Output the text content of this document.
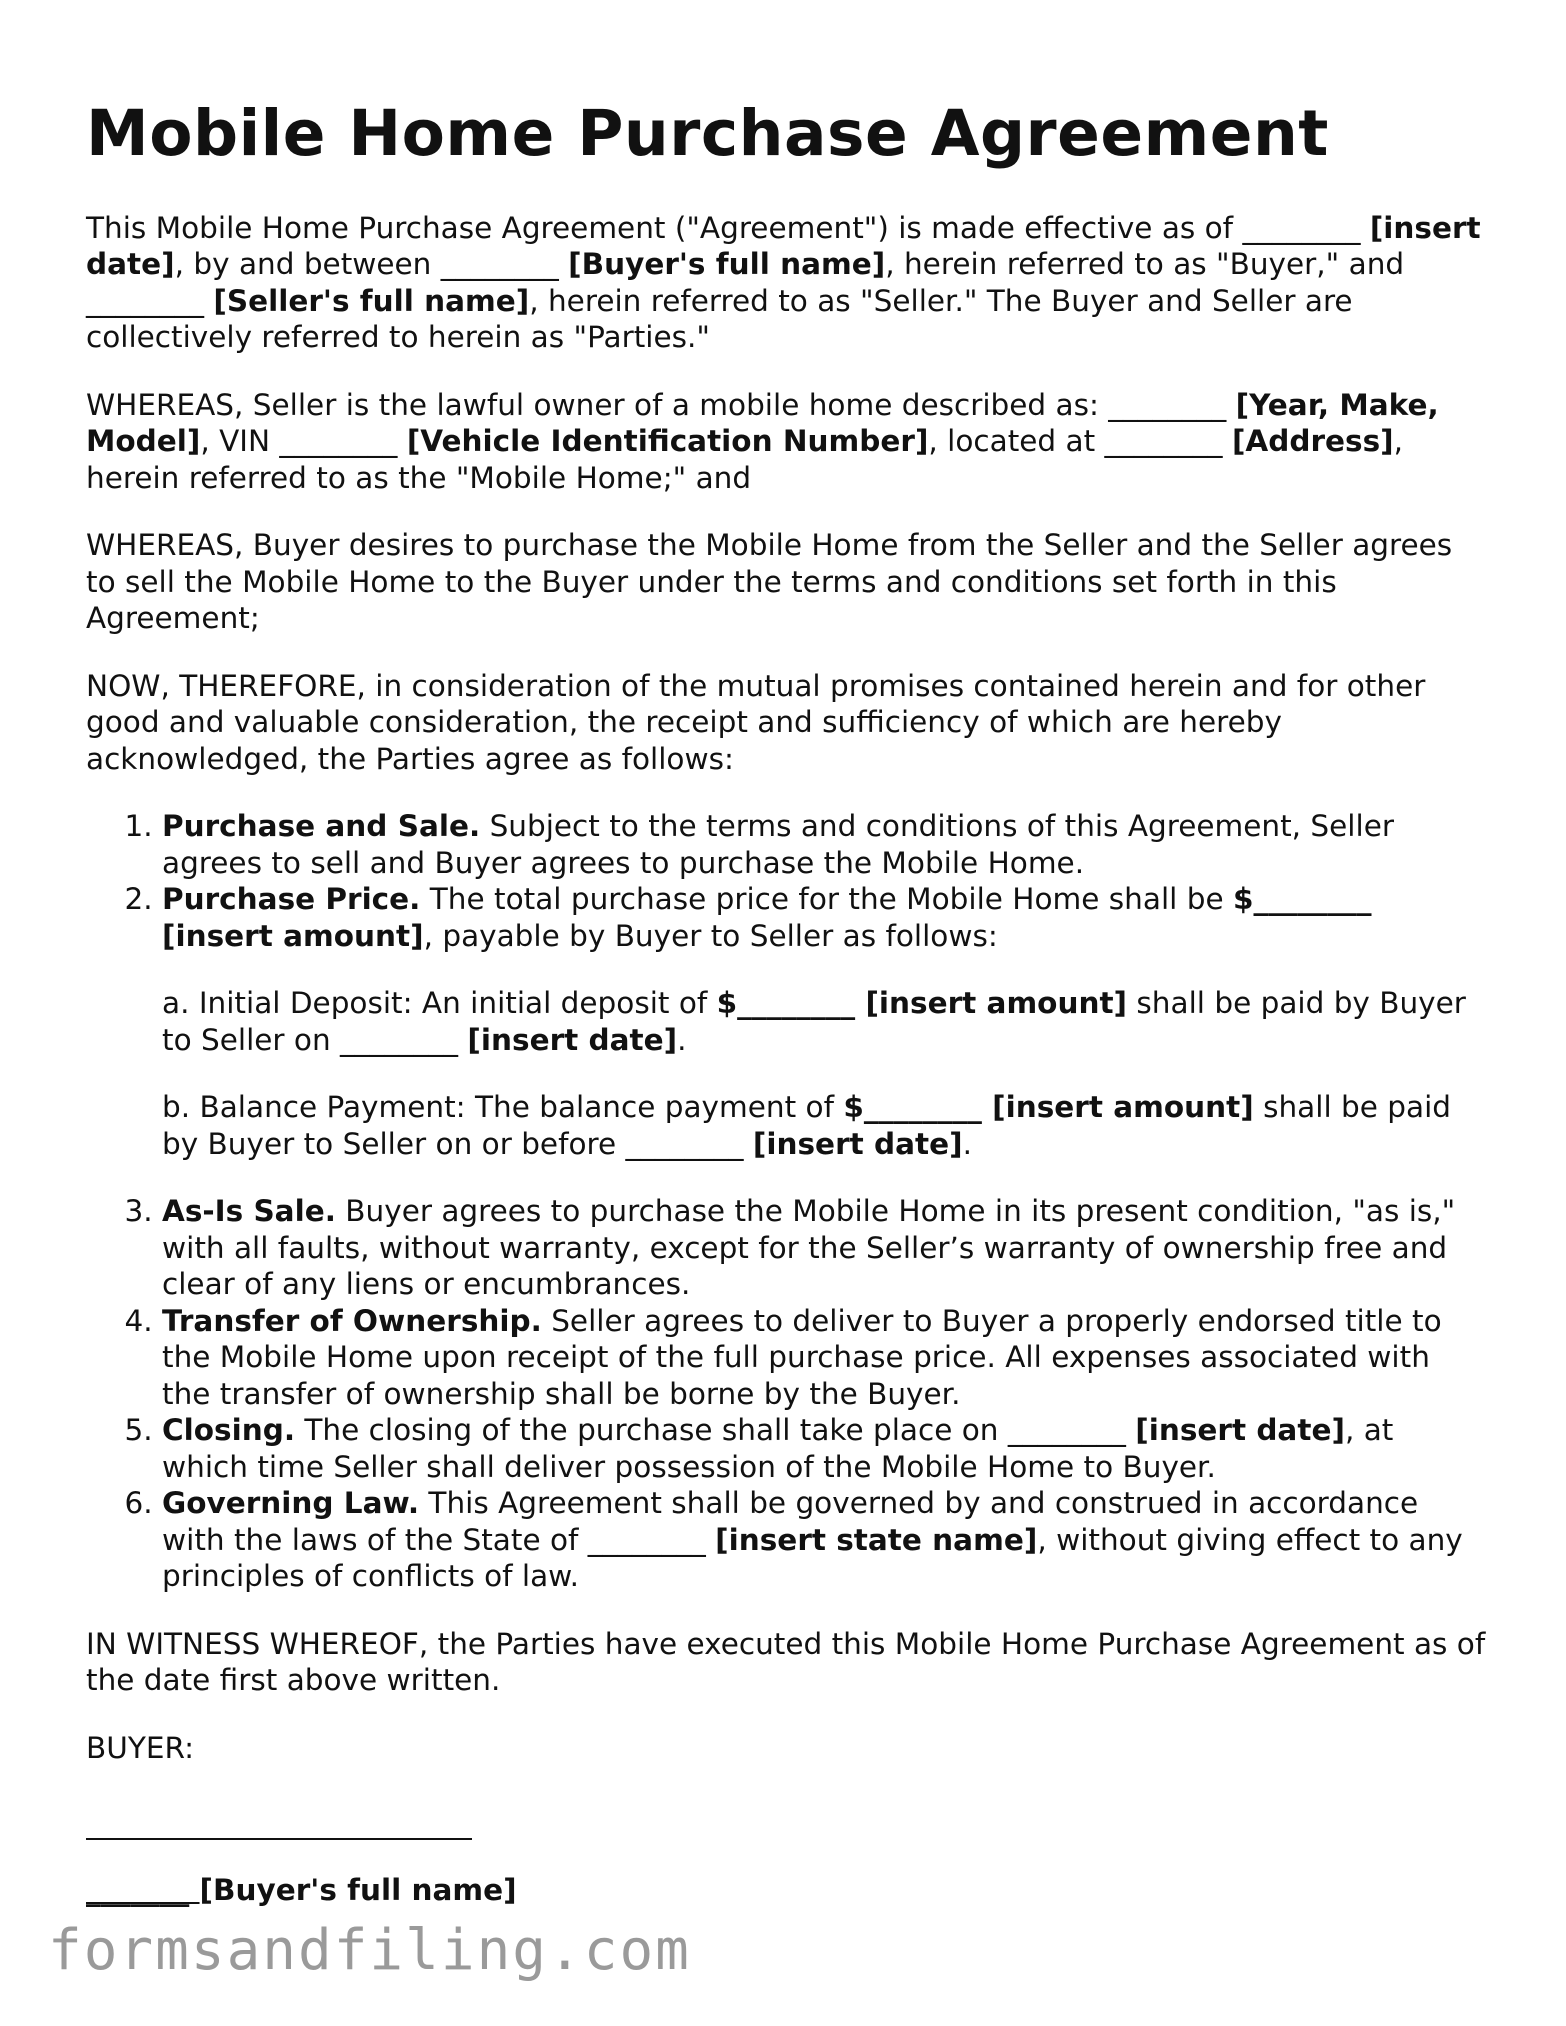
Mobile Home Purchase Agreement

This Mobile Home Purchase Agreement ("Agreement") is made effective as of ________ [insert date], by and between ________ [Buyer's full name], herein referred to as "Buyer," and ________ [Seller's full name], herein referred to as "Seller." The Buyer and Seller are collectively referred to herein as "Parties."

WHEREAS, Seller is the lawful owner of a mobile home described as: ________ [Year, Make, Model], VIN ________ [Vehicle Identification Number], located at ________ [Address], herein referred to as the "Mobile Home;" and

WHEREAS, Buyer desires to purchase the Mobile Home from the Seller and the Seller agrees to sell the Mobile Home to the Buyer under the terms and conditions set forth in this Agreement;

NOW, THEREFORE, in consideration of the mutual promises contained herein and for other good and valuable consideration, the receipt and sufficiency of which are hereby acknowledged, the Parties agree as follows:

1. Purchase and Sale. Subject to the terms and conditions of this Agreement, Seller agrees to sell and Buyer agrees to purchase the Mobile Home.
2. Purchase Price. The total purchase price for the Mobile Home shall be $________ [insert amount], payable by Buyer to Seller as follows:
a. Initial Deposit: An initial deposit of $________ [insert amount] shall be paid by Buyer to Seller on ________ [insert date].
b. Balance Payment: The balance payment of $________ [insert amount] shall be paid by Buyer to Seller on or before ________ [insert date].
3. As-Is Sale. Buyer agrees to purchase the Mobile Home in its present condition, "as is," with all faults, without warranty, except for the Seller’s warranty of ownership free and clear of any liens or encumbrances.
4. Transfer of Ownership. Seller agrees to deliver to Buyer a properly endorsed title to the Mobile Home upon receipt of the full purchase price. All expenses associated with the transfer of ownership shall be borne by the Buyer.
5. Closing. The closing of the purchase shall take place on ________ [insert date], at which time Seller shall deliver possession of the Mobile Home to Buyer.
6. Governing Law. This Agreement shall be governed by and construed in accordance with the laws of the State of ________ [insert state name], without giving effect to any principles of conflicts of law.

IN WITNESS WHEREOF, the Parties have executed this Mobile Home Purchase Agreement as of the date first above written.

BUYER:

_______ [Buyer's full name]

formsandfiling.com
